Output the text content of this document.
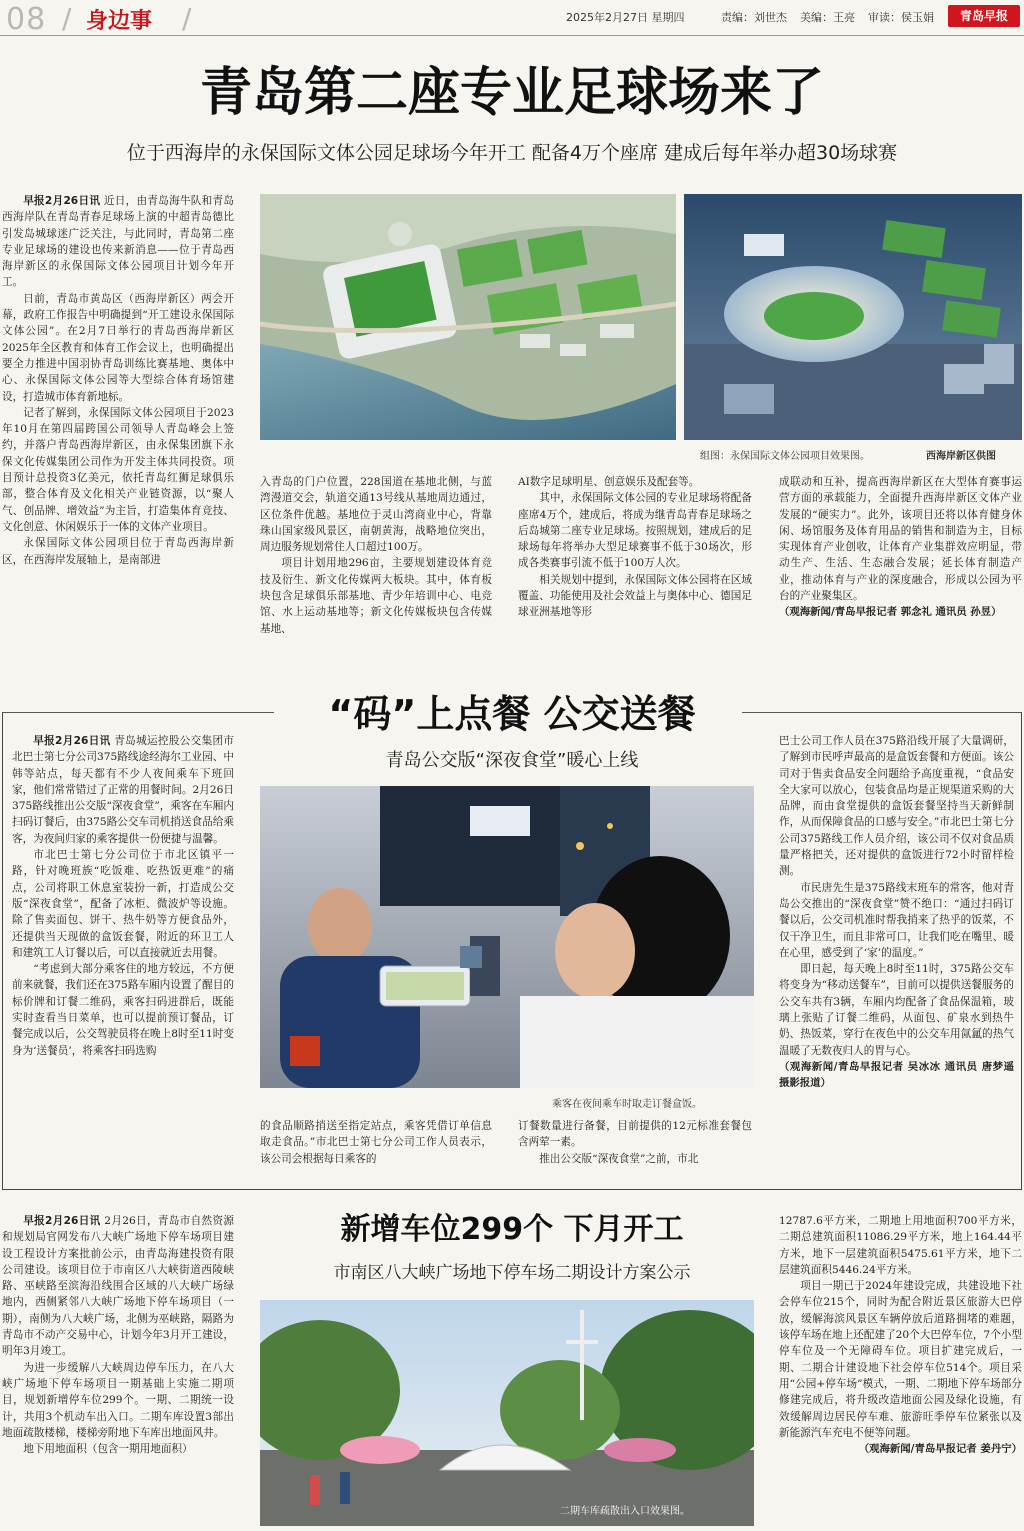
08 / 身边事 /	2025年2月27日 星期四	责编：刘世杰 美编：王亮 审读：侯玉娟	青岛早报
青岛第二座专业足球场来了
位于西海岸的永保国际文体公园足球场今年开工 配备4万个座席 建成后每年举办超30场球赛

早报2月26日讯 近日，由青岛海牛队和青岛西海岸队在青岛青春足球场上演的中超青岛德比引发岛城球迷广泛关注，与此同时，青岛第二座专业足球场的建设也传来新消息——位于青岛西海岸新区的永保国际文体公园项目计划今年开工。

日前，青岛市黄岛区（西海岸新区）两会开幕，政府工作报告中明确提到“开工建设永保国际文体公园”。在2月7日举行的青岛西海岸新区2025年全区教育和体育工作会议上，也明确提出要全力推进中国羽协青岛训练比赛基地、奥体中心、永保国际文体公园等大型综合体育场馆建设，打造城市体育新地标。

记者了解到，永保国际文体公园项目于2023年10月在第四届跨国公司领导人青岛峰会上签约，并落户青岛西海岸新区，由永保集团旗下永保文化传媒集团公司作为开发主体共同投资。项目预计总投资3亿美元，依托青岛红狮足球俱乐部，整合体育及文化相关产业链资源，以“聚人气、创品牌、增效益”为主旨，打造集体育竞技、文化创意、休闲娱乐于一体的文体产业项目。

永保国际文体公园项目位于青岛西海岸新区，在西海岸发展轴上，是南部进

组图：永保国际文体公园项目效果图。	西海岸新区供图

入青岛的门户位置，228国道在基地北侧，与蓝湾漫道交会，轨道交通13号线从基地周边通过，区位条件优越。基地位于灵山湾商业中心，背靠珠山国家级风景区，南朝黄海，战略地位突出，周边服务规划常住人口超过100万。

项目计划用地296亩，主要规划建设体育竞技及衍生、新文化传媒两大板块。其中，体育板块包含足球俱乐部基地、青少年培训中心、电竞馆、水上运动基地等；新文化传媒板块包含传媒基地、

AI数字足球明星、创意娱乐及配套等。

其中，永保国际文体公园的专业足球场将配备座席4万个，建成后，将成为继青岛青春足球场之后岛城第二座专业足球场。按照规划，建成后的足球场每年将举办大型足球赛事不低于30场次，形成各类赛事引流不低于100万人次。

相关规划中提到，永保国际文体公园将在区域覆盖、功能使用及社会效益上与奥体中心、德国足球亚洲基地等形

成联动和互补，提高西海岸新区在大型体育赛事运营方面的承载能力，全面提升西海岸新区文体产业发展的“硬实力”。此外，该项目还将以体育健身休闲、场馆服务及体育用品的销售和制造为主，目标实现体育产业创收，让体育产业集群效应明显，带动生产、生活、生态融合发展；延长体育制造产业，推动体育与产业的深度融合，形成以公园为平台的产业聚集区。

（观海新闻/青岛早报记者 郭念礼 通讯员 孙昱）

“码”上点餐 公交送餐
青岛公交版“深夜食堂”暖心上线

早报2月26日讯 青岛城运控股公交集团市北巴士第七分公司375路线途经海尔工业园、中韩等站点，每天都有不少人夜间乘车下班回家，他们常常错过了正常的用餐时间。2月26日375路线推出公交版“深夜食堂”，乘客在车厢内扫码订餐后，由375路公交车司机捎送食品给乘客，为夜间归家的乘客提供一份便捷与温馨。

市北巴士第七分公司位于市北区镇平一路，针对晚班族“吃饭难、吃热饭更难”的痛点，公司将职工休息室装扮一新，打造成公交版“深夜食堂”，配备了冰柜、微波炉等设施。除了售卖面包、饼干、热牛奶等方便食品外，还提供当天现做的盒饭套餐，附近的环卫工人和建筑工人订餐以后，可以直接就近去用餐。

“考虑到大部分乘客住的地方较远，不方便前来就餐，我们还在375路车厢内设置了醒目的标价牌和订餐二维码，乘客扫码进群后，既能实时查看当日菜单，也可以提前预订餐品，订餐完成以后，公交驾驶员将在晚上8时至11时变身为‘送餐员’，将乘客扫码选购

乘客在夜间乘车时取走订餐盒饭。

的食品顺路捎送至指定站点，乘客凭借订单信息取走食品。”市北巴士第七分公司工作人员表示，该公司会根据每日乘客的

订餐数量进行备餐，目前提供的12元标准套餐包含两荤一素。

推出公交版“深夜食堂”之前，市北

巴士公司工作人员在375路沿线开展了大量调研，了解到市民呼声最高的是盒饭套餐和方便面。该公司对于售卖食品安全问题给予高度重视，“食品安全大家可以放心，包装食品均是正规渠道采购的大品牌，而由食堂提供的盒饭套餐坚持当天新鲜制作，从而保障食品的口感与安全。”市北巴士第七分公司375路线工作人员介绍，该公司不仅对食品质量严格把关，还对提供的盒饭进行72小时留样检测。

市民唐先生是375路线末班车的常客，他对青岛公交推出的“深夜食堂”赞不绝口：“通过扫码订餐以后，公交司机准时帮我捎来了热乎的饭菜，不仅干净卫生，而且非常可口，让我们吃在嘴里、暖在心里，感受到了‘家’的温度。”

即日起，每天晚上8时至11时，375路公交车将变身为“移动送餐车”，目前可以提供送餐服务的公交车共有3辆，车厢内均配备了食品保温箱，玻璃上张贴了订餐二维码，从面包、矿泉水到热牛奶、热饭菜，穿行在夜色中的公交车用氤氲的热气温暖了无数夜归人的胃与心。

（观海新闻/青岛早报记者 吴冰冰 通讯员 唐梦遥 摄影报道）

新增车位299个 下月开工
市南区八大峡广场地下停车场二期设计方案公示

早报2月26日讯 2月26日，青岛市自然资源和规划局官网发布八大峡广场地下停车场项目建设工程设计方案批前公示，由青岛海建投资有限公司建设。该项目位于市南区八大峡街道西陵峡路、巫峡路至滨海沿线围合区域的八大峡广场绿地内，西侧紧邻八大峡广场地下停车场项目（一期），南侧为八大峡广场，北侧为巫峡路，隔路为青岛市不动产交易中心，计划今年3月开工建设，明年3月竣工。

为进一步缓解八大峡周边停车压力，在八大峡广场地下停车场项目一期基础上实施二期项目，规划新增停车位299个。一期、二期统一设计，共用3个机动车出入口。二期车库设置3部出地面疏散楼梯，楼梯旁附地下车库出地面风井。

地下用地面积（包含一期用地面积）

二期车库疏散出入口效果图。

12787.6平方米，二期地上用地面积700平方米，二期总建筑面积11086.29平方米，地上164.44平方米，地下一层建筑面积5475.61平方米，地下二层建筑面积5446.24平方米。

项目一期已于2024年建设完成，共建设地下社会停车位215个，同时为配合附近景区旅游大巴停放，缓解海滨风景区车辆停放后道路拥堵的难题，该停车场在地上还配建了20个大巴停车位，7个小型停车位及一个无障碍车位。项目扩建完成后，一期、二期合计建设地下社会停车位514个。项目采用“公园+停车场”模式，一期、二期地下停车场部分修建完成后，将升级改造地面公园及绿化设施，有效缓解周边居民停车难、旅游旺季停车位紧张以及新能源汽车充电不便等问题。

（观海新闻/青岛早报记者 姜丹宁）
